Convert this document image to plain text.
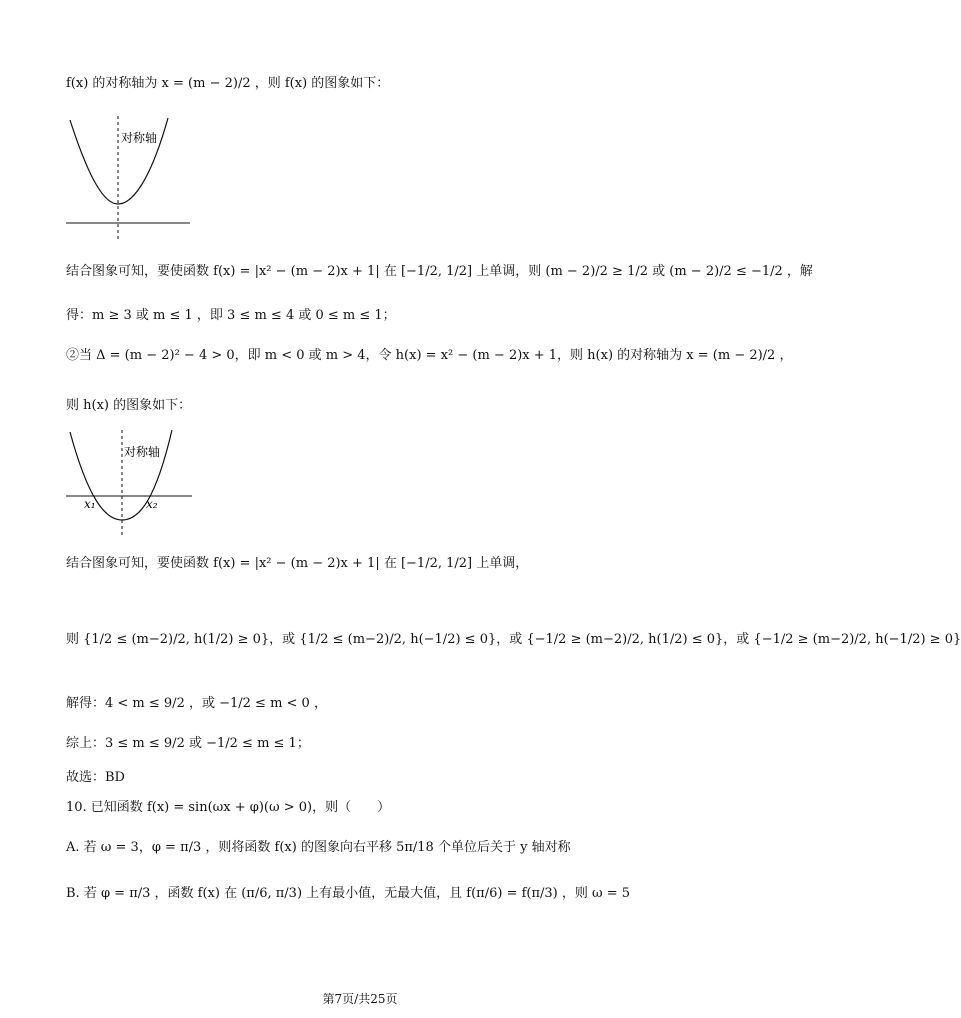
f(x) 的对称轴为 x = (m − 2)/2 ，则 f(x) 的图象如下：
对称轴
结合图象可知，要使函数 f(x) = |x² − (m − 2)x + 1| 在 [−1/2, 1/2] 上单调，则 (m − 2)/2 ≥ 1/2 或 (m − 2)/2 ≤ −1/2 ，解
得：m ≥ 3 或 m ≤ 1 ，即 3 ≤ m ≤ 4 或 0 ≤ m ≤ 1；
②当 Δ = (m − 2)² − 4 > 0，即 m < 0 或 m > 4，令 h(x) = x² − (m − 2)x + 1，则 h(x) 的对称轴为 x = (m − 2)/2 ，
则 h(x) 的图象如下：
对称轴
x₁	x₂
结合图象可知，要使函数 f(x) = |x² − (m − 2)x + 1| 在 [−1/2, 1/2] 上单调，
则 {1/2 ≤ (m−2)/2, h(1/2) ≥ 0}，或 {1/2 ≤ (m−2)/2, h(−1/2) ≤ 0}，或 {−1/2 ≥ (m−2)/2, h(1/2) ≤ 0}，或 {−1/2 ≥ (m−2)/2, h(−1/2) ≥ 0}
解得：4 < m ≤ 9/2 ，或 −1/2 ≤ m < 0 ，
综上：3 ≤ m ≤ 9/2 或 −1/2 ≤ m ≤ 1；
故选：BD
10. 已知函数 f(x) = sin(ωx + φ)(ω > 0)，则（　　）
A. 若 ω = 3，φ = π/3 ，则将函数 f(x) 的图象向右平移 5π/18 个单位后关于 y 轴对称
B. 若 φ = π/3 ，函数 f(x) 在 (π/6, π/3) 上有最小值，无最大值，且 f(π/6) = f(π/3) ，则 ω = 5
第7页/共25页
